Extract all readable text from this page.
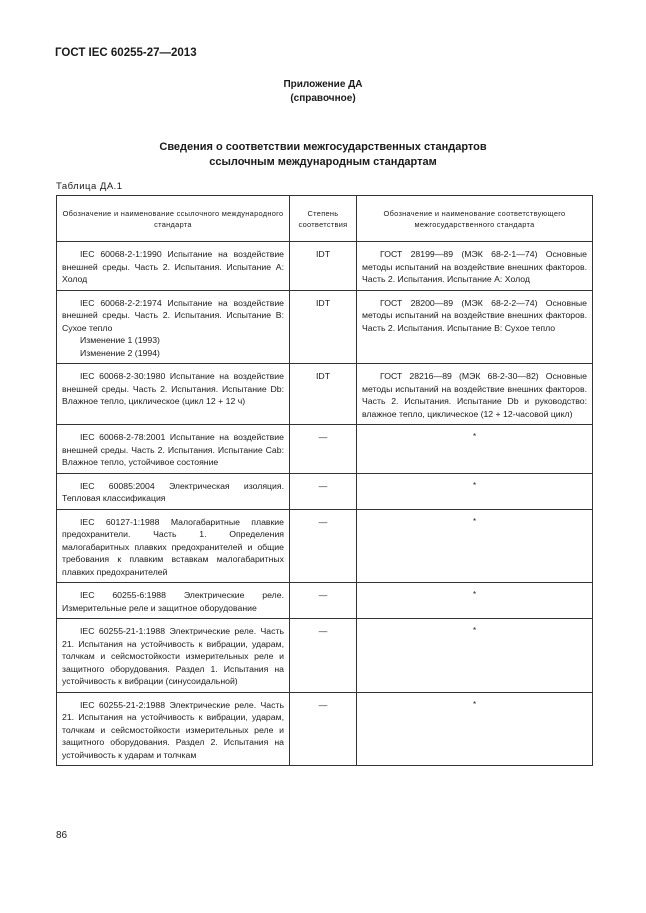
ГОСТ IEC 60255-27—2013
Приложение ДА
(справочное)
Сведения о соответствии межгосударственных стандартов
ссылочным международным стандартам
Таблица ДА.1
Обозначение и наименование ссылочного международного стандарта	Степень соответствия	Обозначение и наименование соответствующего межгосударственного стандарта

IEC 60068-2-1:1990 Испытание на воздействие внешней среды. Часть 2. Испытания. Испытание А: Холод	IDT	ГОСТ 28199—89 (МЭК 68-2-1—74) Основные методы испытаний на воздействие внешних факторов. Часть 2. Испытания. Испытание А: Холод

IEC 60068-2-2:1974 Испытание на воздействие внешней среды. Часть 2. Испытания. Испытание В: Сухое тепло
Изменение 1 (1993)
Изменение 2 (1994)	IDT	ГОСТ 28200—89 (МЭК 68-2-2—74) Основные методы испытаний на воздействие внешних факторов. Часть 2. Испытания. Испытание В: Сухое тепло

IEC 60068-2-30:1980 Испытание на воздействие внешней среды. Часть 2. Испытания. Испытание Db: Влажное тепло, циклическое (цикл 12 + 12 ч)	IDT	ГОСТ 28216—89 (МЭК 68-2-30—82) Основные методы испытаний на воздействие внешних факторов. Часть 2. Испытания. Испытание Db и руководство: влажное тепло, циклическое (12 + 12-часовой цикл)

IEC 60068-2-78:2001 Испытание на воздействие внешней среды. Часть 2. Испытания. Испытание Cab: Влажное тепло, устойчивое состояние	—	*

IEC 60085:2004 Электрическая изоляция. Тепловая классификация	—	*

IEC 60127-1:1988 Малогабаритные плавкие предохранители. Часть 1. Определения малогабаритных плавких предохранителей и общие требования к плавким вставкам малогабаритных плавких предохранителей	—	*

IEC 60255-6:1988 Электрические реле. Измерительные реле и защитное оборудование	—	*

IEC 60255-21-1:1988 Электрические реле. Часть 21. Испытания на устойчивость к вибрации, ударам, толчкам и сейсмостойкости измерительных реле и защитного оборудования. Раздел 1. Испытания на устойчивость к вибрации (синусоидальной)	—	*

IEC 60255-21-2:1988 Электрические реле. Часть 21. Испытания на устойчивость к вибрации, ударам, толчкам и сейсмостойкости измерительных реле и защитного оборудования. Раздел 2. Испытания на устойчивость к ударам и толчкам	—	*
86
